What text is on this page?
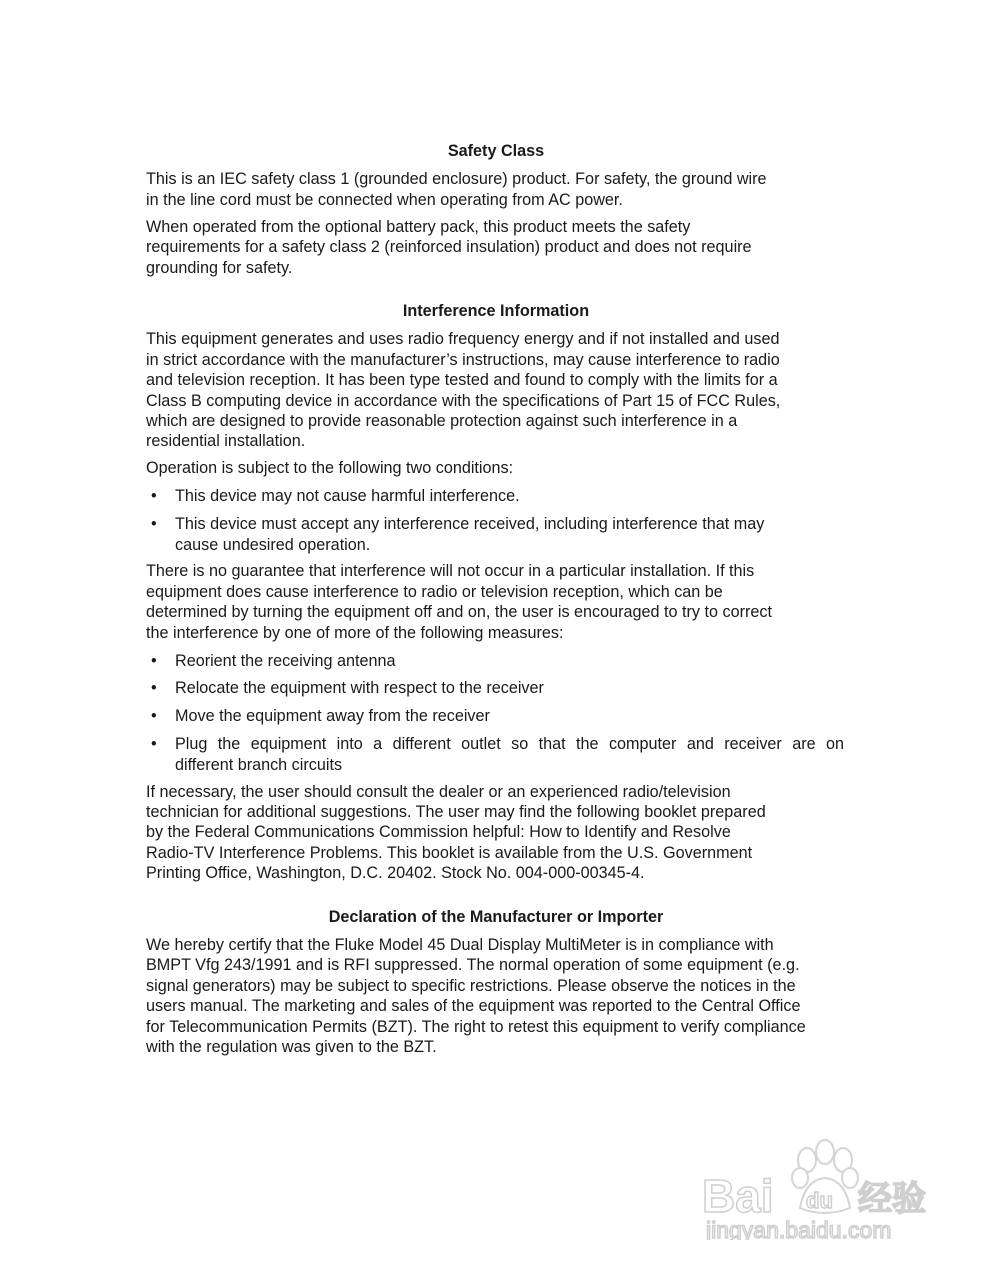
Safety Class
This is an IEC safety class 1 (grounded enclosure) product. For safety, the ground wire
in the line cord must be connected when operating from AC power.
When operated from the optional battery pack, this product meets the safety
requirements for a safety class 2 (reinforced insulation) product and does not require
grounding for safety.
Interference Information
This equipment generates and uses radio frequency energy and if not installed and used
in strict accordance with the manufacturer’s instructions, may cause interference to radio
and television reception. It has been type tested and found to comply with the limits for a
Class B computing device in accordance with the specifications of Part 15 of FCC Rules,
which are designed to provide reasonable protection against such interference in a
residential installation.
Operation is subject to the following two conditions:
• This device may not cause harmful interference.
• This device must accept any interference received, including interference that may
cause undesired operation.
There is no guarantee that interference will not occur in a particular installation. If this
equipment does cause interference to radio or television reception, which can be
determined by turning the equipment off and on, the user is encouraged to try to correct
the interference by one of more of the following measures:
• Reorient the receiving antenna
• Relocate the equipment with respect to the receiver
• Move the equipment away from the receiver
• Plug the equipment into a different outlet so that the computer and receiver are on
different branch circuits
If necessary, the user should consult the dealer or an experienced radio/television
technician for additional suggestions. The user may find the following booklet prepared
by the Federal Communications Commission helpful: How to Identify and Resolve
Radio-TV Interference Problems. This booklet is available from the U.S. Government
Printing Office, Washington, D.C. 20402. Stock No. 004-000-00345-4.
Declaration of the Manufacturer or Importer
We hereby certify that the Fluke Model 45 Dual Display MultiMeter is in compliance with
BMPT Vfg 243/1991 and is RFI suppressed. The normal operation of some equipment (e.g.
signal generators) may be subject to specific restrictions. Please observe the notices in the
users manual. The marketing and sales of the equipment was reported to the Central Office
for Telecommunication Permits (BZT). The right to retest this equipment to verify compliance
with the regulation was given to the BZT.
Bai du 经验
jingyan.baidu.com
